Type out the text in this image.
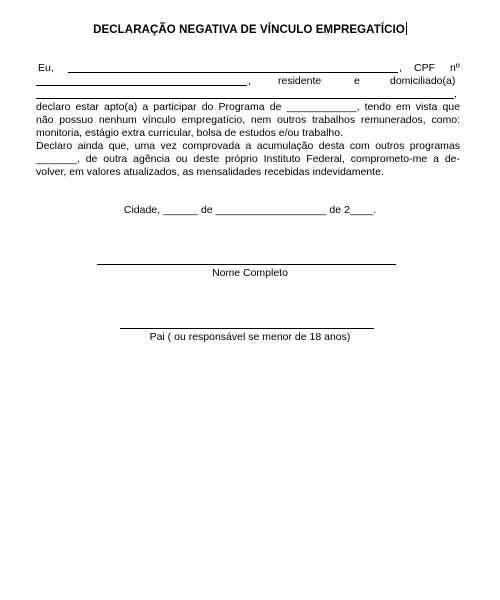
DECLARAÇÃO NEGATIVA DE VÍNCULO EMPREGATÍCIO
Eu,	, CPF nº
,	residente	e	domiciliado(a)
,
declaro estar apto(a) a participar do Programa de ____________, tendo em vista que
não possuo nenhum vínculo empregatício, nem outros trabalhos remunerados, como:
monitoria, estágio extra curricular, bolsa de estudos e/ou trabalho.
Declaro ainda que, uma vez comprovada a acumulação desta com outros programas
_______, de outra agência ou deste próprio Instituto Federal, comprometo-me a de-
volver, em valores atualizados, as mensalidades recebidas indevidamente.
Cidade, ______ de ___________________ de 2____.
Nome Completo
Pai ( ou responsável se menor de 18 anos)
